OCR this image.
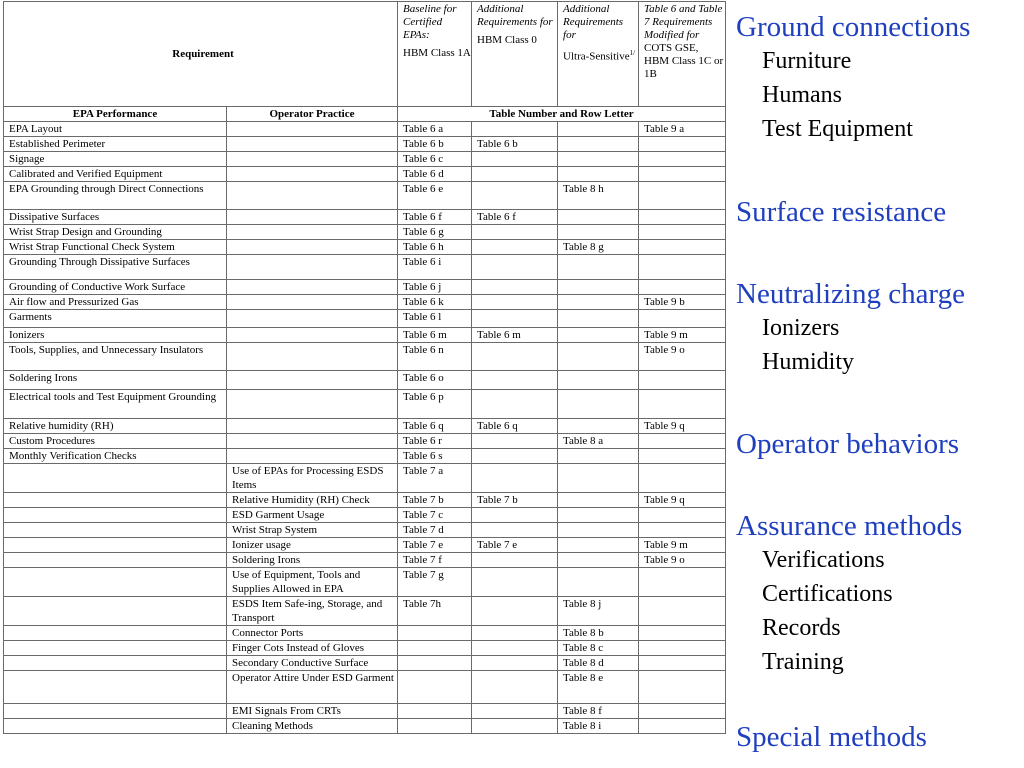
Requirement		Baseline for Certified EPAs:
HBM Class 1A	Additional Requirements for
HBM Class 0	Additional Requirements for
Ultra-Sensitive$^{1/}$	Table 6 and Table 7 Requirements Modified for
COTS GSE, HBM Class 1C or 1B
EPA Performance	Operator Practice	Table Number and Row Letter			
EPA Layout		Table 6 a			Table 9 a
Established Perimeter		Table 6 b	Table 6 b		
Signage		Table 6 c			
Calibrated and Verified Equipment		Table 6 d			
EPA Grounding through Direct Connections		Table 6 e		Table 8 h	
Dissipative Surfaces		Table 6 f	Table 6 f		
Wrist Strap Design and Grounding		Table 6 g			
Wrist Strap Functional Check System		Table 6 h		Table 8 g	
Grounding Through Dissipative Surfaces		Table 6 i			
Grounding of Conductive Work Surface		Table 6 j			
Air flow and Pressurized Gas		Table 6 k			Table 9 b
Garments		Table 6 l			
Ionizers		Table 6 m	Table 6 m		Table 9 m
Tools, Supplies, and Unnecessary Insulators		Table 6 n			Table 9 o
Soldering Irons		Table 6 o			
Electrical tools and Test Equipment Grounding		Table 6 p			
Relative humidity (RH)		Table 6 q	Table 6 q		Table 9 q
Custom Procedures		Table 6 r		Table 8 a	
Monthly Verification Checks		Table 6 s			
	Use of EPAs for Processing ESDS Items	Table 7 a			
	Relative Humidity (RH) Check	Table 7 b	Table 7 b		Table 9 q
	ESD Garment Usage	Table 7 c			
	Wrist Strap System	Table 7 d			
	Ionizer usage	Table 7 e	Table 7 e		Table 9 m
	Soldering Irons	Table 7 f			Table 9 o
	Use of Equipment, Tools and Supplies Allowed in EPA	Table 7 g			
	ESDS Item Safe-ing, Storage, and Transport	Table 7h		Table 8 j	
	Connector Ports			Table 8 b	
	Finger Cots Instead of Gloves			Table 8 c	
	Secondary Conductive Surface			Table 8 d	
	Operator Attire Under ESD Garment			Table 8 e	
	EMI Signals From CRTs			Table 8 f	
	Cleaning Methods			Table 8 i	
Ground connections
Furniture
Humans
Test Equipment
Surface resistance
Neutralizing charge
Ionizers
Humidity
Operator behaviors
Assurance methods
Verifications
Certifications
Records
Training
Special methods
